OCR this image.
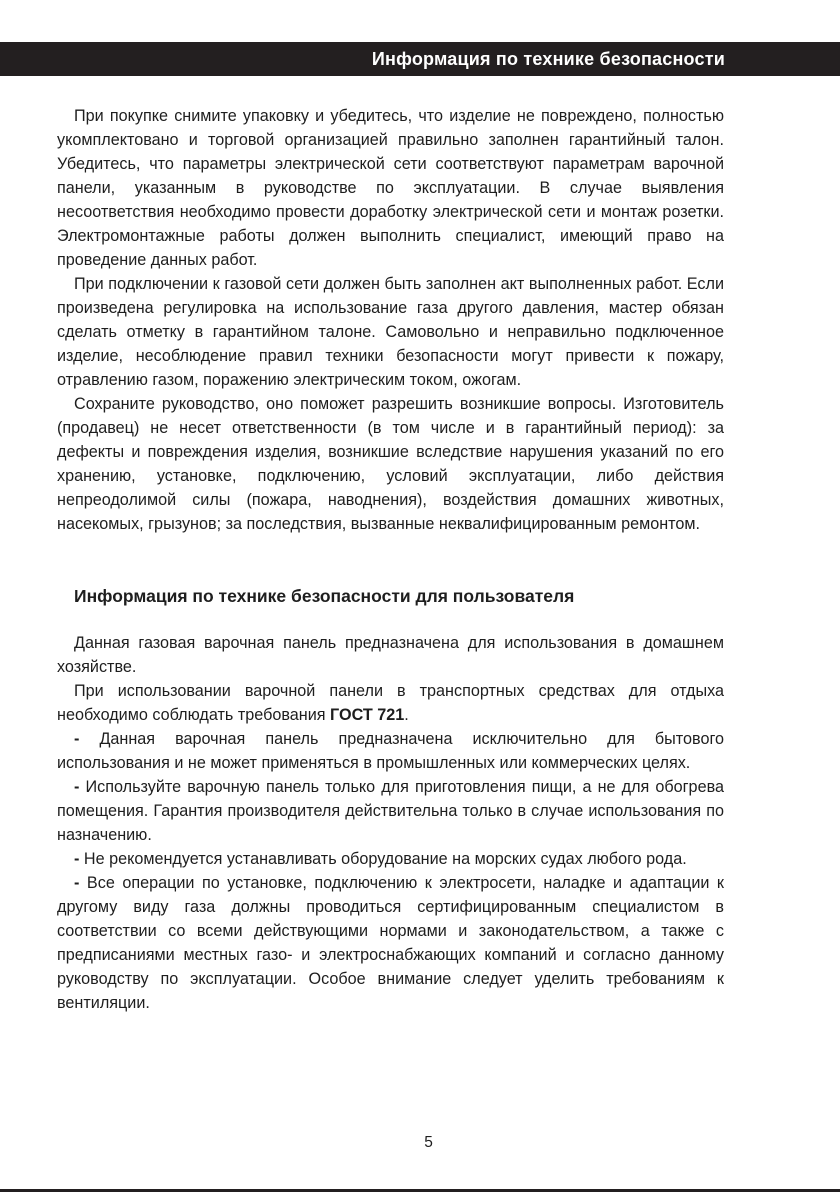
Информация по технике безопасности

При покупке снимите упаковку и убедитесь, что изделие не повреждено, полностью укомплектовано и торговой организацией правильно заполнен гарантийный талон. Убедитесь, что параметры электрической сети соответствуют параметрам варочной панели, указанным в руководстве по эксплуатации. В случае выявления несоответствия необходимо провести доработку электрической сети и монтаж розетки. Электромонтажные работы должен выполнить специалист, имеющий право на проведение данных работ.

При подключении к газовой сети должен быть заполнен акт выполненных работ. Если произведена регулировка на использование газа другого давления, мастер обязан сделать отметку в гарантийном талоне. Самовольно и неправильно подключенное изделие, несоблюдение правил техники безопасности могут привести к пожару, отравлению газом, поражению электрическим током, ожогам.

Сохраните руководство, оно поможет разрешить возникшие вопросы. Изготовитель (продавец) не несет ответственности (в том числе и в гарантийный период): за дефекты и повреждения изделия, возникшие вследствие нарушения указаний по его хранению, установке, подключению, условий эксплуатации, либо действия непреодолимой силы (пожара, наводнения), воздействия домашних животных, насекомых, грызунов; за последствия, вызванные неквалифицированным ремонтом.

Информация по технике безопасности для пользователя

Данная газовая варочная панель предназначена для использования в домашнем хозяйстве.

При использовании варочной панели в транспортных средствах для отдыха необходимо соблюдать требования ГОСТ 721.

- Данная варочная панель предназначена исключительно для бытового использования и не может применяться в промышленных или коммерческих целях.

- Используйте варочную панель только для приготовления пищи, а не для обогрева помещения. Гарантия производителя действительна только в случае использования по назначению.

- Не рекомендуется устанавливать оборудование на морских судах любого рода.

- Все операции по установке, подключению к электросети, наладке и адаптации к другому виду газа должны проводиться сертифицированным специалистом в соответствии со всеми действующими нормами и законодательством, а также с предписаниями местных газо- и электроснабжающих компаний и согласно данному руководству по эксплуатации. Особое внимание следует уделить требованиям к вентиляции.

5
